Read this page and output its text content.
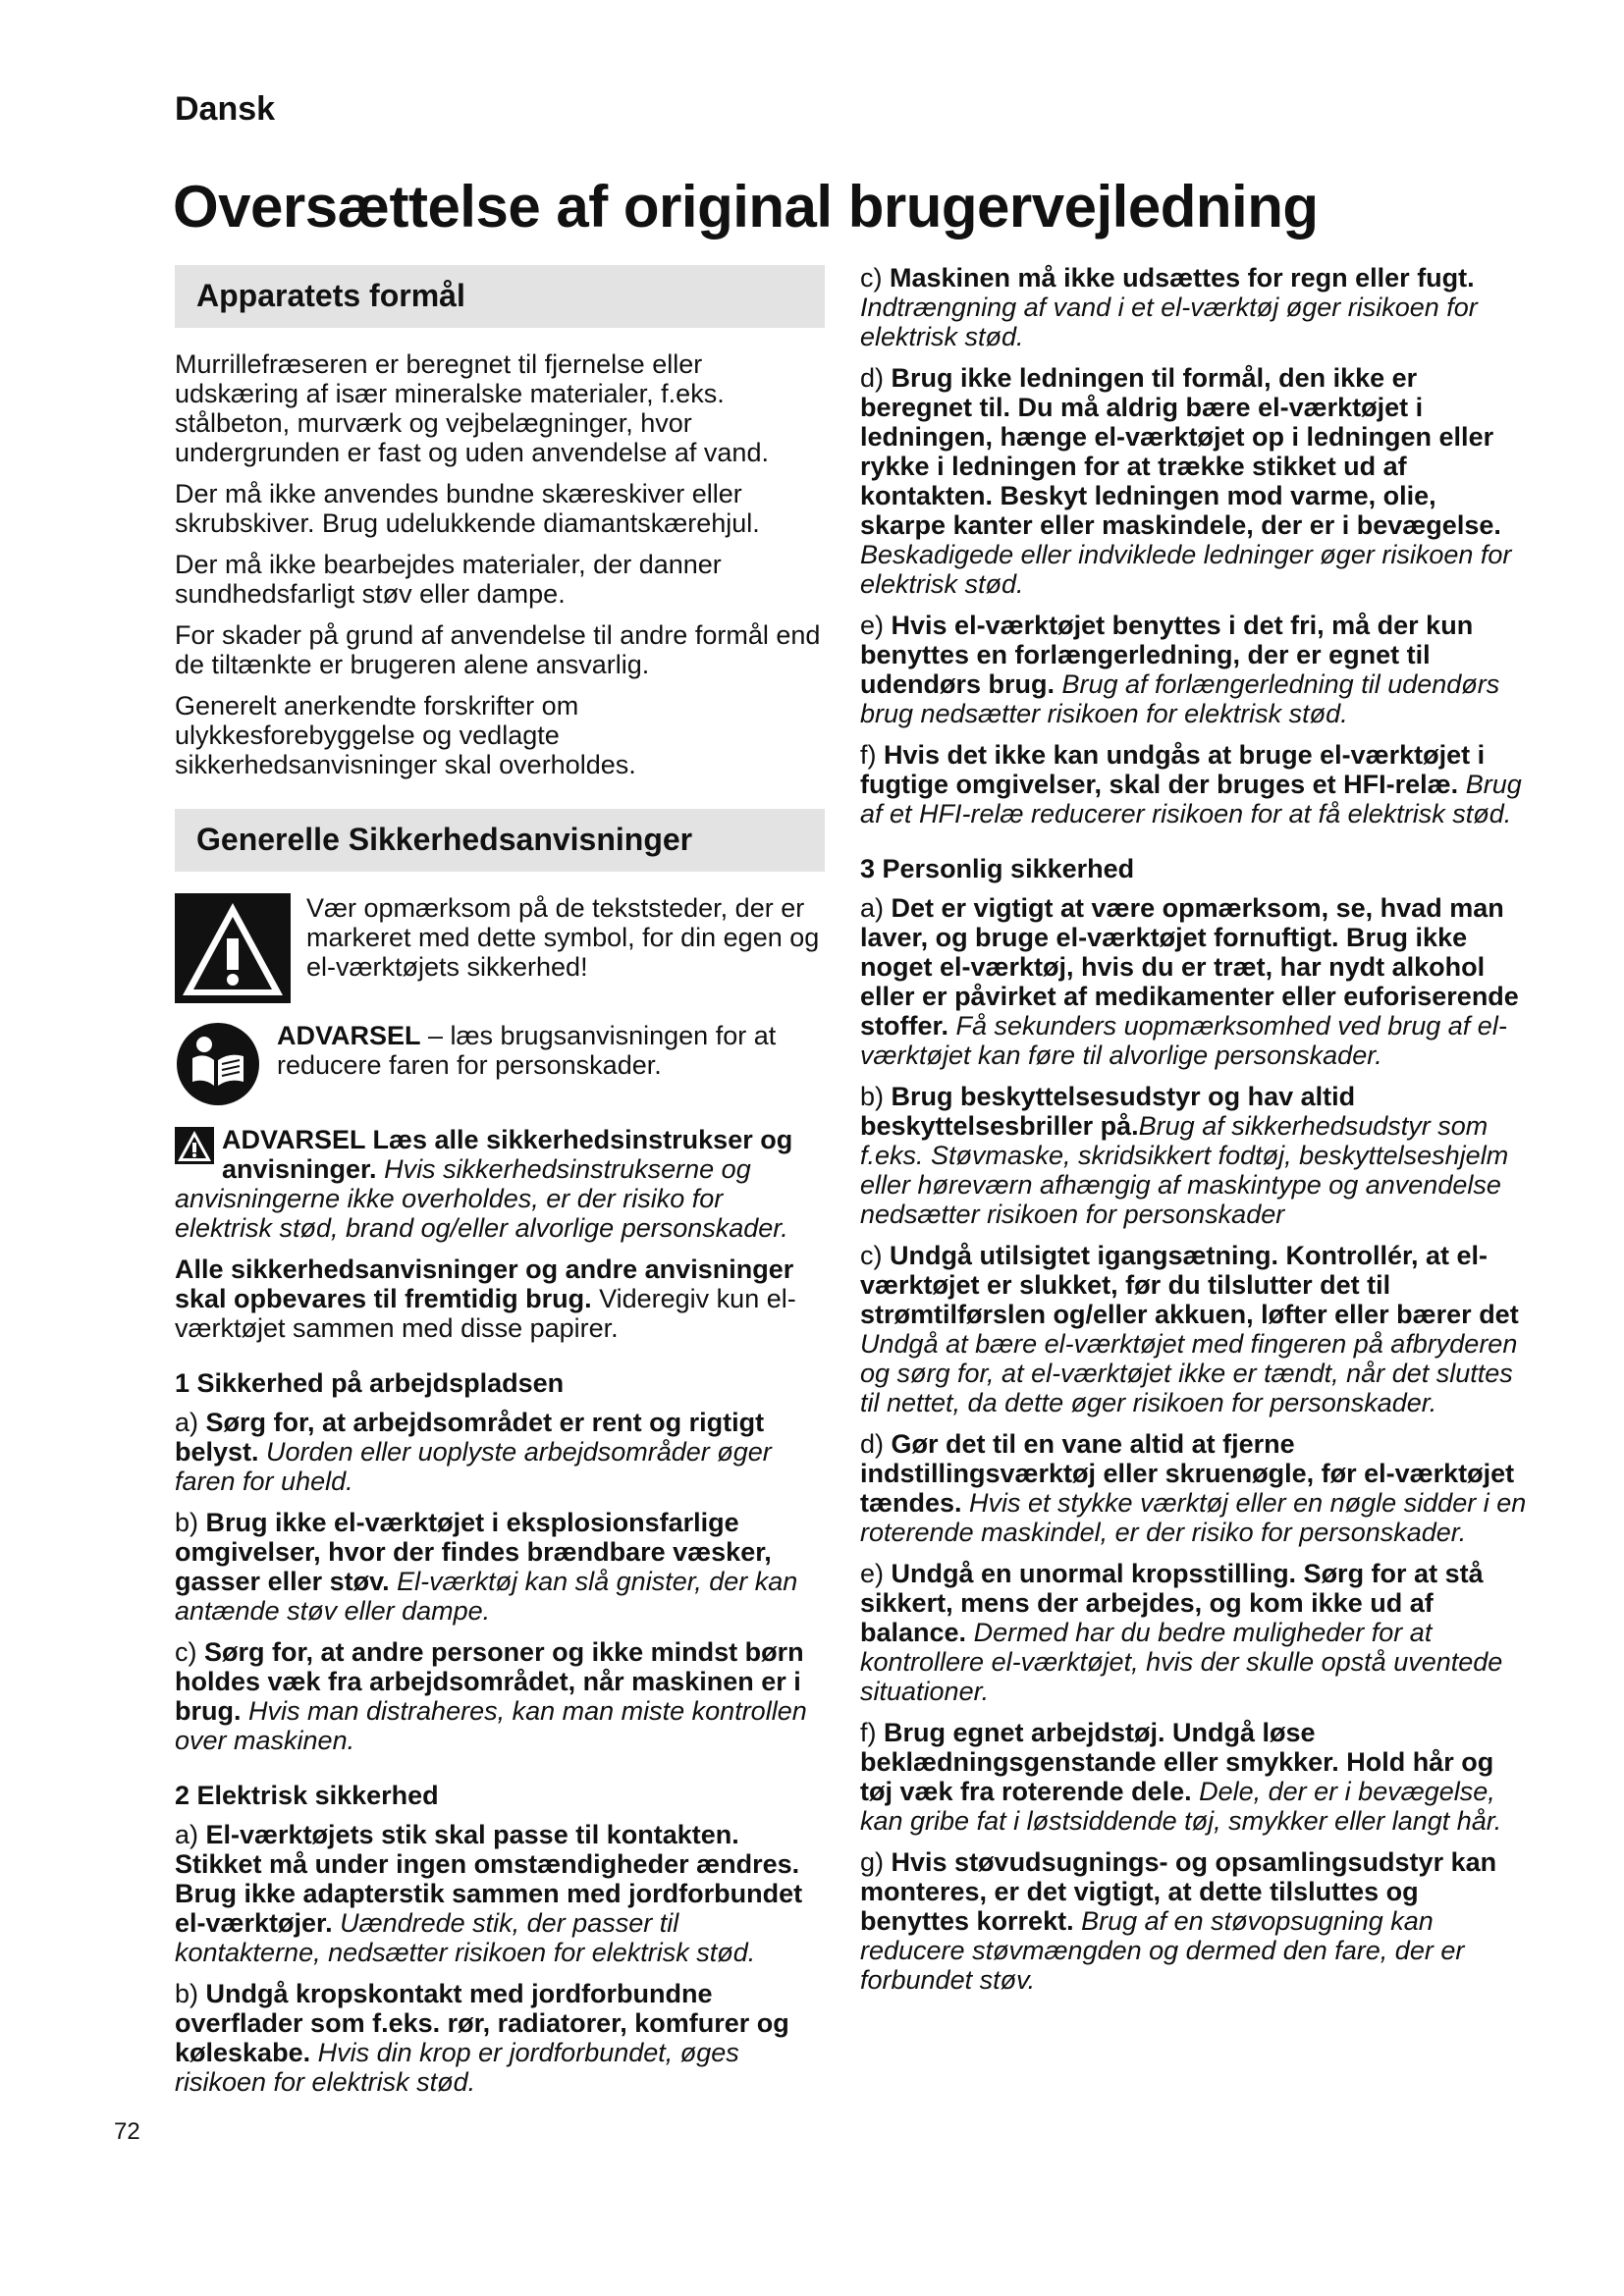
Dansk
Oversættelse af original brugervejledning
Apparatets formål

Murrillefræseren er beregnet til fjernelse eller udskæring af især mineralske materialer, f.eks. stålbeton, murværk og vejbelægninger, hvor undergrunden er fast og uden anvendelse af vand.

Der må ikke anvendes bundne skæreskiver eller skrubskiver. Brug udelukkende diamantskærehjul.

Der må ikke bearbejdes materialer, der danner sundhedsfarligt støv eller dampe.

For skader på grund af anvendelse til andre formål end de tiltænkte er brugeren alene ansvarlig.

Generelt anerkendte forskrifter om ulykkesforebyggelse og vedlagte sikkerhedsanvisninger skal overholdes.

Generelle Sikkerhedsanvisninger
Vær opmærksom på de tekststeder, der er markeret med dette symbol, for din egen og el-værktøjets sikkerhed!
ADVARSEL – læs brugsanvisningen for at reducere faren for personskader.

ADVARSEL Læs alle sikkerhedsinstrukser og anvisninger. Hvis sikkerhedsinstrukserne og anvisningerne ikke overholdes, er der risiko for elektrisk stød, brand og/eller alvorlige personskader.

Alle sikkerhedsanvisninger og andre anvisninger skal opbevares til fremtidig brug. Videregiv kun el-værktøjet sammen med disse papirer.

1 Sikkerhed på arbejdspladsen

a) Sørg for, at arbejdsområdet er rent og rigtigt belyst. Uorden eller uoplyste arbejdsområder øger faren for uheld.

b) Brug ikke el-værktøjet i eksplosionsfarlige omgivelser, hvor der findes brændbare væsker, gasser eller støv. El-værktøj kan slå gnister, der kan antænde støv eller dampe.

c) Sørg for, at andre personer og ikke mindst børn holdes væk fra arbejdsområdet, når maskinen er i brug. Hvis man distraheres, kan man miste kontrollen over maskinen.

2 Elektrisk sikkerhed

a) El-værktøjets stik skal passe til kontakten. Stikket må under ingen omstændigheder ændres. Brug ikke adapterstik sammen med jordforbundet el-værktøjer. Uændrede stik, der passer til kontakterne, nedsætter risikoen for elektrisk stød.

b) Undgå kropskontakt med jordforbundne overflader som f.eks. rør, radiatorer, komfurer og køleskabe. Hvis din krop er jordforbundet, øges risikoen for elektrisk stød.

c) Maskinen må ikke udsættes for regn eller fugt. Indtrængning af vand i et el-værktøj øger risikoen for elektrisk stød.

d) Brug ikke ledningen til formål, den ikke er beregnet til. Du må aldrig bære el-værktøjet i ledningen, hænge el-værktøjet op i ledningen eller rykke i ledningen for at trække stikket ud af kontakten. Beskyt ledningen mod varme, olie, skarpe kanter eller maskindele, der er i bevægelse. Beskadigede eller indviklede ledninger øger risikoen for elektrisk stød.

e) Hvis el-værktøjet benyttes i det fri, må der kun benyttes en forlængerledning, der er egnet til udendørs brug. Brug af forlængerledning til udendørs brug nedsætter risikoen for elektrisk stød.

f) Hvis det ikke kan undgås at bruge el-værktøjet i fugtige omgivelser, skal der bruges et HFI-relæ. Brug af et HFI-relæ reducerer risikoen for at få elektrisk stød.

3 Personlig sikkerhed

a) Det er vigtigt at være opmærksom, se, hvad man laver, og bruge el-værktøjet fornuftigt. Brug ikke noget el-værktøj, hvis du er træt, har nydt alkohol eller er påvirket af medikamenter eller euforiserende stoffer. Få sekunders uopmærksomhed ved brug af el-værktøjet kan føre til alvorlige personskader.

b) Brug beskyttelsesudstyr og hav altid beskyttelsesbriller på.Brug af sikkerhedsudstyr som f.eks. Støvmaske, skridsikkert fodtøj, beskyttelseshjelm eller høreværn afhængig af maskintype og anvendelse nedsætter risikoen for personskader

c) Undgå utilsigtet igangsætning. Kontrollér, at el-værktøjet er slukket, før du tilslutter det til strømtilførslen og/eller akkuen, løfter eller bærer det Undgå at bære el-værktøjet med fingeren på afbryderen og sørg for, at el-værktøjet ikke er tændt, når det sluttes til nettet, da dette øger risikoen for personskader.

d) Gør det til en vane altid at fjerne indstillingsværktøj eller skruenøgle, før el-værktøjet tændes. Hvis et stykke værktøj eller en nøgle sidder i en roterende maskindel, er der risiko for personskader.

e) Undgå en unormal kropsstilling. Sørg for at stå sikkert, mens der arbejdes, og kom ikke ud af balance. Dermed har du bedre muligheder for at kontrollere el-værktøjet, hvis der skulle opstå uventede situationer.

f) Brug egnet arbejdstøj. Undgå løse beklædningsgenstande eller smykker. Hold hår og tøj væk fra roterende dele. Dele, der er i bevægelse, kan gribe fat i løstsiddende tøj, smykker eller langt hår.

g) Hvis støvudsugnings- og opsamlingsudstyr kan monteres, er det vigtigt, at dette tilsluttes og benyttes korrekt. Brug af en støvopsugning kan reducere støvmængden og dermed den fare, der er forbundet støv.

72
